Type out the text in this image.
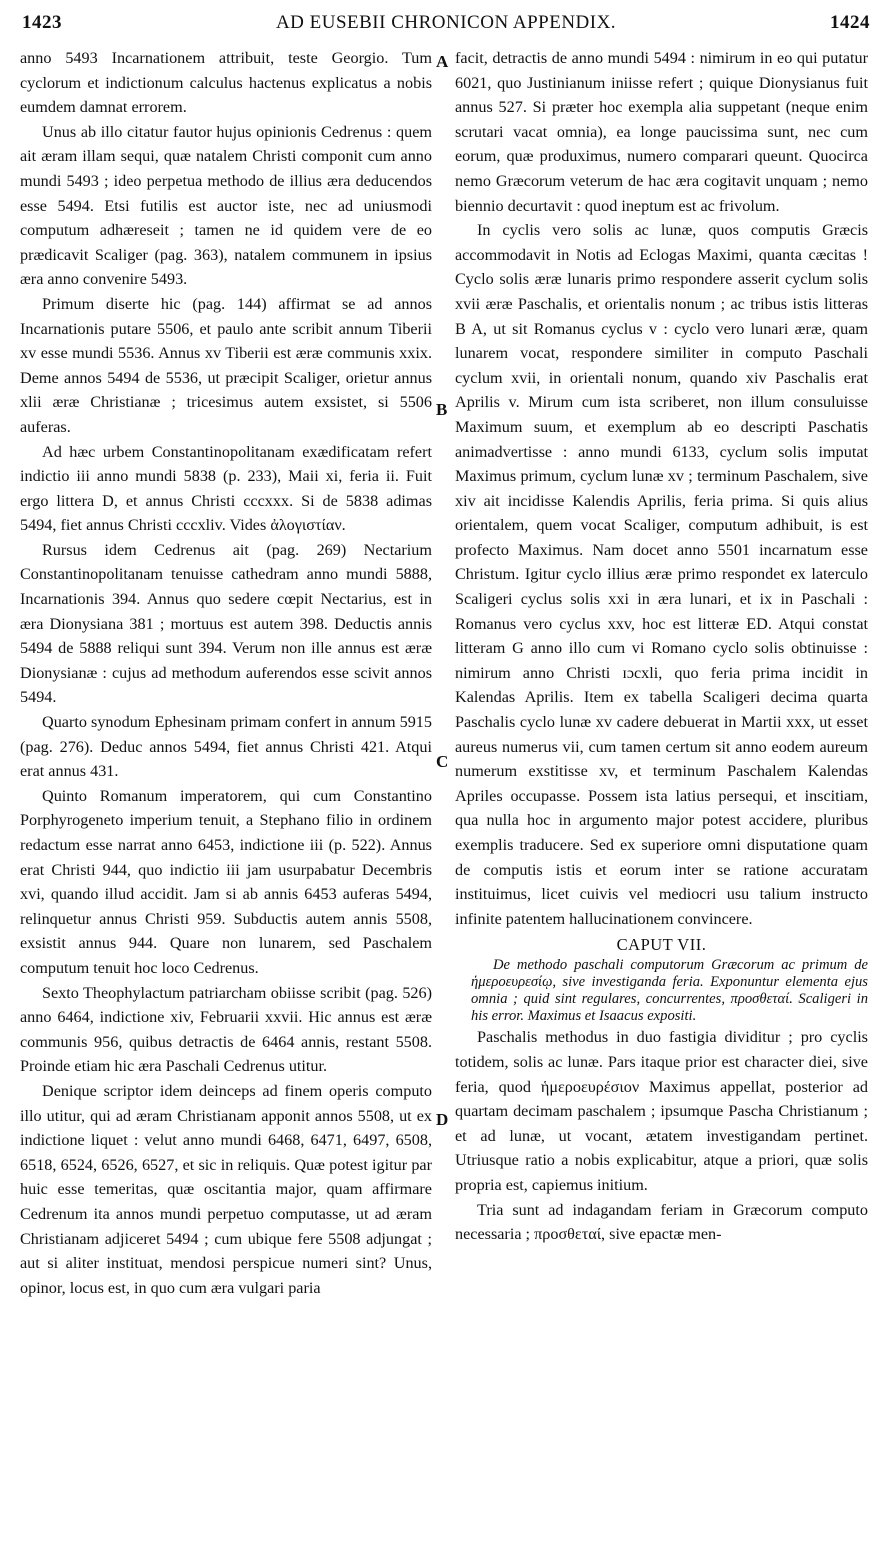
1423	AD EUSEBII CHRONICON APPENDIX.	1424
A
B
C
D

anno 5493 Incarnationem attribuit, teste Georgio. Tum cyclorum et indictionum calculus hactenus explicatus a nobis eumdem damnat errorem.

Unus ab illo citatur fautor hujus opinionis Cedrenus : quem ait æram illam sequi, quæ natalem Christi componit cum anno mundi 5493 ; ideo perpetua methodo de illius æra deducendos esse 5494. Etsi futilis est auctor iste, nec ad uniusmodi computum adhæreseit ; tamen ne id quidem vere de eo prædicavit Scaliger (pag. 363), natalem communem in ipsius æra anno convenire 5493.

Primum diserte hic (pag. 144) affirmat se ad annos Incarnationis putare 5506, et paulo ante scribit annum Tiberii xv esse mundi 5536. Annus xv Tiberii est æræ communis xxix. Deme annos 5494 de 5536, ut præcipit Scaliger, orietur annus xlii æræ Christianæ ; tricesimus autem exsistet, si 5506 auferas.

Ad hæc urbem Constantinopolitanam exædificatam refert indictio iii anno mundi 5838 (p. 233), Maii xi, feria ii. Fuit ergo littera D, et annus Christi cccxxx. Si de 5838 adimas 5494, fiet annus Christi cccxliv. Vides ἀλογιστίαν.

Rursus idem Cedrenus ait (pag. 269) Nectarium Constantinopolitanam tenuisse cathedram anno mundi 5888, Incarnationis 394. Annus quo sedere cœpit Nectarius, est in æra Dionysiana 381 ; mortuus est autem 398. Deductis annis 5494 de 5888 reliqui sunt 394. Verum non ille annus est æræ Dionysianæ : cujus ad methodum auferendos esse scivit annos 5494.

Quarto synodum Ephesinam primam confert in annum 5915 (pag. 276). Deduc annos 5494, fiet annus Christi 421. Atqui erat annus 431.

Quinto Romanum imperatorem, qui cum Constantino Porphyrogeneto imperium tenuit, a Stephano filio in ordinem redactum esse narrat anno 6453, indictione iii (p. 522). Annus erat Christi 944, quo indictio iii jam usurpabatur Decembris xvi, quando illud accidit. Jam si ab annis 6453 auferas 5494, relinquetur annus Christi 959. Subductis autem annis 5508, exsistit annus 944. Quare non lunarem, sed Paschalem computum tenuit hoc loco Cedrenus.

Sexto Theophylactum patriarcham obiisse scribit (pag. 526) anno 6464, indictione xiv, Februarii xxvii. Hic annus est æræ communis 956, quibus detractis de 6464 annis, restant 5508. Proinde etiam hic æra Paschali Cedrenus utitur.

Denique scriptor idem deinceps ad finem operis computo illo utitur, qui ad æram Christianam apponit annos 5508, ut ex indictione liquet : velut anno mundi 6468, 6471, 6497, 6508, 6518, 6524, 6526, 6527, et sic in reliquis. Quæ potest igitur par huic esse temeritas, quæ oscitantia major, quam affirmare Cedrenum ita annos mundi perpetuo computasse, ut ad æram Christianam adjiceret 5494 ; cum ubique fere 5508 adjungat ; aut si aliter instituat, mendosi perspicue numeri sint? Unus, opinor, locus est, in quo cum æra vulgari paria

facit, detractis de anno mundi 5494 : nimirum in eo qui putatur 6021, quo Justinianum iniisse refert ; quique Dionysianus fuit annus 527. Si præter hoc exempla alia suppetant (neque enim scrutari vacat omnia), ea longe paucissima sunt, nec cum eorum, quæ produximus, numero comparari queunt. Quocirca nemo Græcorum veterum de hac æra cogitavit unquam ; nemo biennio decurtavit : quod ineptum est ac frivolum.

In cyclis vero solis ac lunæ, quos computis Græcis accommodavit in Notis ad Eclogas Maximi, quanta cæcitas ! Cyclo solis æræ lunaris primo respondere asserit cyclum solis xvii æræ Paschalis, et orientalis nonum ; ac tribus istis litteras B A, ut sit Romanus cyclus v : cyclo vero lunari æræ, quam lunarem vocat, respondere similiter in computo Paschali cyclum xvii, in orientali nonum, quando xiv Paschalis erat Aprilis v. Mirum cum ista scriberet, non illum consuluisse Maximum suum, et exemplum ab eo descripti Paschatis animadvertisse : anno mundi 6133, cyclum solis imputat Maximus primum, cyclum lunæ xv ; terminum Paschalem, sive xiv ait incidisse Kalendis Aprilis, feria prima. Si quis alius orientalem, quem vocat Scaliger, computum adhibuit, is est profecto Maximus. Nam docet anno 5501 incarnatum esse Christum. Igitur cyclo illius æræ primo respondet ex laterculo Scaligeri cyclus solis xxi in æra lunari, et ix in Paschali : Romanus vero cyclus xxv, hoc est litteræ ED. Atqui constat litteram G anno illo cum vi Romano cyclo solis obtinuisse : nimirum anno Christi ɪɔcxli, quo feria prima incidit in Kalendas Aprilis. Item ex tabella Scaligeri decima quarta Paschalis cyclo lunæ xv cadere debuerat in Martii xxx, ut esset aureus numerus vii, cum tamen certum sit anno eodem aureum numerum exstitisse xv, et terminum Paschalem Kalendas Apriles occupasse. Possem ista latius persequi, et inscitiam, qua nulla hoc in argumento major potest accidere, pluribus exemplis traducere. Sed ex superiore omni disputatione quam de computis istis et eorum inter se ratione accuratam instituimus, licet cuivis vel mediocri usu talium instructo infinite patentem hallucinationem convincere.

CAPUT VII.

De methodo paschali computorum Græcorum ac primum de ἡμεροευρεσίῳ, sive investiganda feria. Exponuntur elementa ejus omnia ; quid sint regulares, concurrentes, προσθεταί. Scaligeri in his error. Maximus et Isaacus expositi.

Paschalis methodus in duo fastigia dividitur ; pro cyclis totidem, solis ac lunæ. Pars itaque prior est character diei, sive feria, quod ἡμεροευρέσιον Maximus appellat, posterior ad quartam decimam paschalem ; ipsumque Pascha Christianum ; et ad lunæ, ut vocant, ætatem investigandam pertinet. Utriusque ratio a nobis explicabitur, atque a priori, quæ solis propria est, capiemus initium.

Tria sunt ad indagandam feriam in Græcorum computo necessaria ; προσθεταί, sive epactæ men-
